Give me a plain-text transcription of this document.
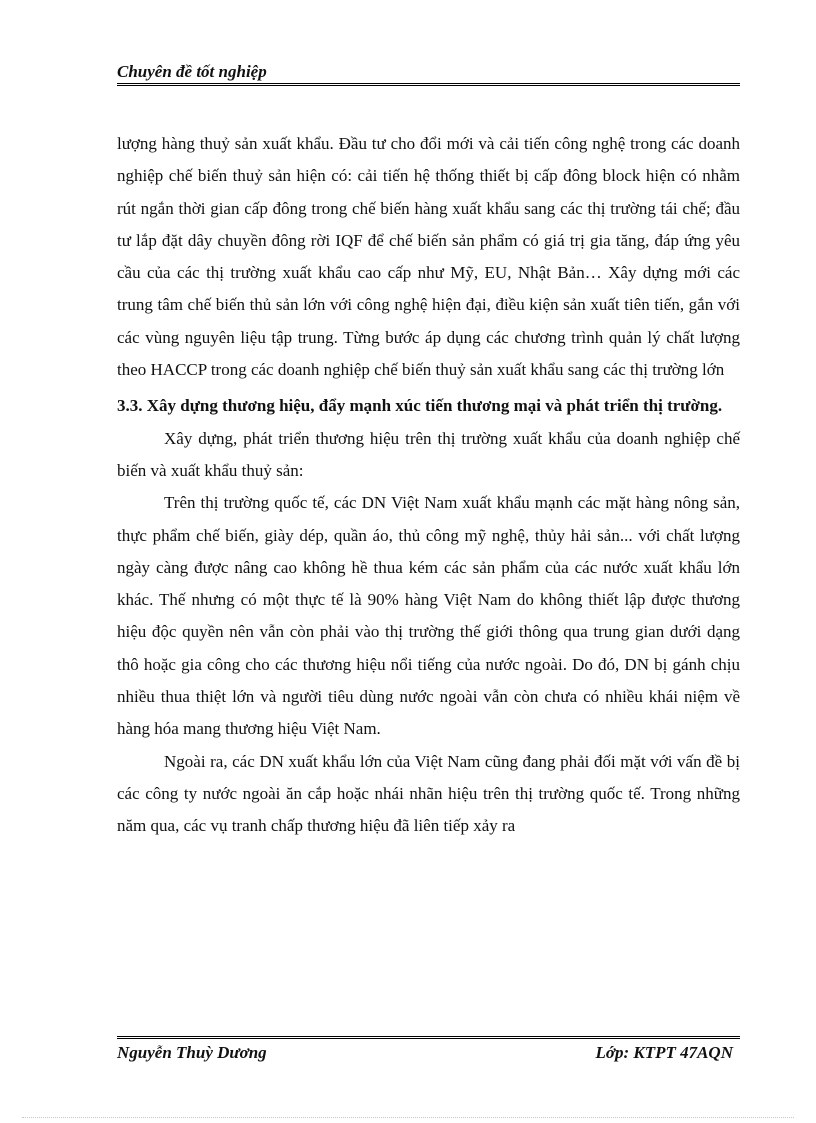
Chuyên đề tốt nghiệp

lượng hàng thuỷ sản xuất khẩu. Đầu tư cho đổi mới và cải tiến công nghệ trong các doanh nghiệp chế biến thuỷ sản hiện có: cải tiến hệ thống thiết bị cấp đông block hiện có nhằm rút ngắn thời gian cấp đông trong chế biến hàng xuất khẩu sang các thị trường tái chế; đầu tư lắp đặt dây chuyền đông rời IQF để chế biến sản phẩm có giá trị gia tăng, đáp ứng yêu cầu của các thị trường xuất khẩu cao cấp như Mỹ, EU, Nhật Bản… Xây dựng mới các trung tâm chế biến thủ sản lớn với công nghệ hiện đại, điều kiện sản xuất tiên tiến, gắn với các vùng nguyên liệu tập trung. Từng bước áp dụng các chương trình quản lý chất lượng theo HACCP trong các doanh nghiệp chế biến thuỷ sản xuất khẩu sang các thị trường lớn

3.3. Xây dựng thương hiệu, đẩy mạnh xúc tiến thương mại và phát triển thị trường.

Xây dựng, phát triển thương hiệu trên thị trường xuất khẩu của doanh nghiệp chế biến và xuất khẩu thuỷ sản:

Trên thị trường quốc tế, các DN Việt Nam xuất khẩu mạnh các mặt hàng nông sản, thực phẩm chế biến, giày dép, quần áo, thủ công mỹ nghệ, thủy hải sản... với chất lượng ngày càng được nâng cao không hề thua kém các sản phẩm của các nước xuất khẩu lớn khác. Thế nhưng có một thực tế là 90% hàng Việt Nam do không thiết lập được thương hiệu độc quyền nên vẫn còn phải vào thị trường thế giới thông qua trung gian dưới dạng thô hoặc gia công cho các thương hiệu nổi tiếng của nước ngoài. Do đó, DN bị gánh chịu nhiều thua thiệt lớn và người tiêu dùng nước ngoài vẫn còn chưa có nhiều khái niệm về hàng hóa mang thương hiệu Việt Nam.

Ngoài ra, các DN xuất khẩu lớn của Việt Nam cũng đang phải đối mặt với vấn đề bị các công ty nước ngoài ăn cắp hoặc nhái nhãn hiệu trên thị trường quốc tế. Trong những năm qua, các vụ tranh chấp thương hiệu đã liên tiếp xảy ra

Nguyễn Thuỳ Dương	Lớp: KTPT 47AQN
